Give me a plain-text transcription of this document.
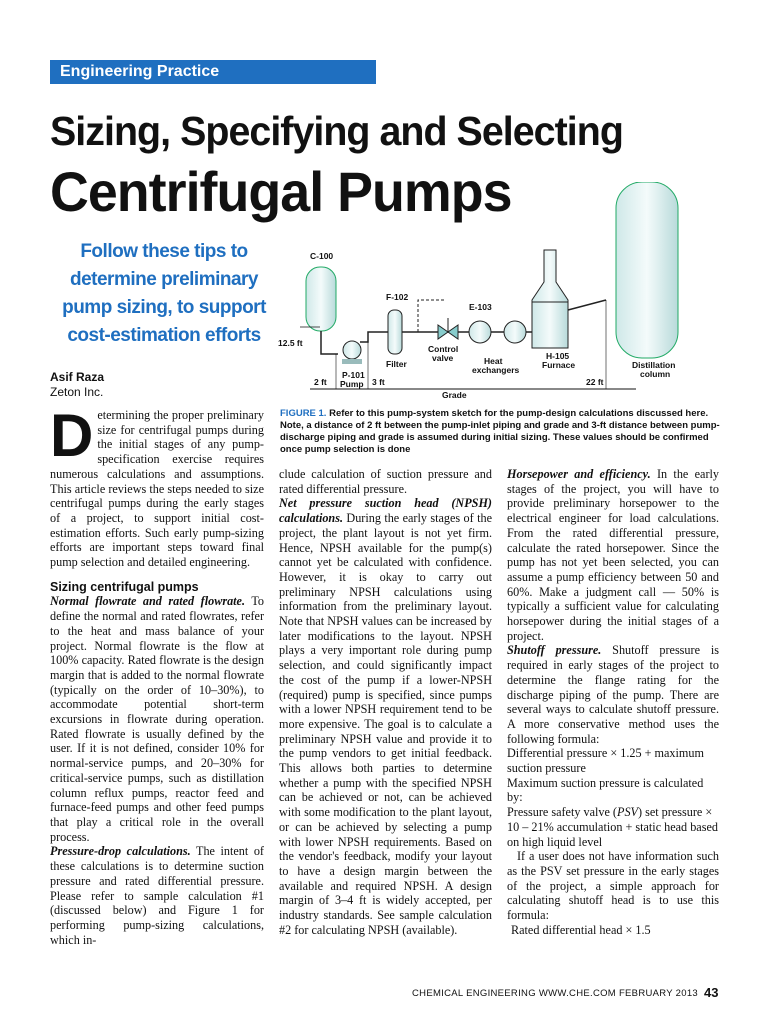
Engineering Practice
Sizing, Specifying and Selecting
Centrifugal Pumps
Follow these tips to determine preliminary pump sizing, to support cost-estimation efforts
Asif Raza
Zeton Inc.	Grade
C-100
12.5 ft
2 ft
P-101
Pump 3 ft
F-102
Filter
Control
valve
E-103
Heat
exchangers
H-105
Furnace
22 ft
Distillation
column
FIGURE 1. Refer to this pump-system sketch for the pump-design calculations discussed here. Note, a distance of 2 ft between the pump-inlet piping and grade and 3-ft distance between pump-discharge piping and grade is assumed during initial sizing. These values should be confirmed once pump selection is done
D etermining the proper preliminary size for centrifugal pumps during the initial stages of any pump-specification exercise requires numerous calculations and assumptions. This article reviews the steps needed to size centrifugal pumps during the early stages of a project, to support initial cost-estimation efforts. Such early pump-sizing efforts are important steps toward final pump selection and detailed engineering.

Sizing centrifugal pumps

Normal flowrate and rated flowrate. To define the normal and rated flowrates, refer to the heat and mass balance of your project. Normal flowrate is the flow at 100% capacity. Rated flowrate is the design margin that is added to the normal flowrate (typically on the order of 10–30%), to accommodate potential short-term excursions in flowrate during operation. Rated flowrate is usually defined by the user. If it is not defined, consider 10% for normal-service pumps, and 20–30% for critical-service pumps, such as distillation column reflux pumps, reactor feed and furnace-feed pumps and other feed pumps that play a critical role in the overall process.

Pressure-drop calculations. The intent of these calculations is to determine suction pressure and rated differential pressure. Please refer to sample calculation #1 (discussed below) and Figure 1 for performing pump-sizing calculations, which in-

clude calculation of suction pressure and rated differential pressure.

Net pressure suction head (NPSH) calculations. During the early stages of the project, the plant layout is not yet firm. Hence, NPSH available for the pump(s) cannot yet be calculated with confidence. However, it is okay to carry out preliminary NPSH calculations using information from the preliminary layout. Note that NPSH values can be increased by later modifications to the layout. NPSH plays a very important role during pump selection, and could significantly impact the cost of the pump if a lower-NPSH (required) pump is specified, since pumps with a lower NPSH requirement tend to be more expensive. The goal is to calculate a preliminary NPSH value and provide it to the pump vendors to get initial feedback. This allows both parties to determine whether a pump with the specified NPSH can be achieved or not, can be achieved with some modification to the plant layout, or can be achieved by selecting a pump with lower NPSH requirements. Based on the vendor's feedback, modify your layout to have a design margin between the available and required NPSH. A design margin of 3–4 ft is widely accepted, per industry standards. See sample calculation #2 for calculating NPSH (available).

Horsepower and efficiency. In the early stages of the project, you will have to provide preliminary horsepower to the electrical engineer for load calculations. From the rated differential pressure, calculate the rated horsepower. Since the pump has not yet been selected, you can assume a pump efficiency between 50 and 60%. Make a judgment call — 50% is typically a sufficient value for calculating horsepower during the initial stages of a project.

Shutoff pressure. Shutoff pressure is required in early stages of the project to determine the flange rating for the discharge piping of the pump. There are several ways to calculate shutoff pressure. A more conservative method uses the following formula:

Differential pressure × 1.25 + maximum suction pressure

Maximum suction pressure is calculated by:

Pressure safety valve (PSV) set pressure × 10 – 21% accumulation + static head based on high liquid level

If a user does not have information such as the PSV set pressure in the early stages of the project, a simple approach for calculating shutoff head is to use this formula:

Rated differential head × 1.5

CHEMICAL ENGINEERING WWW.CHE.COM FEBRUARY 2013 43
